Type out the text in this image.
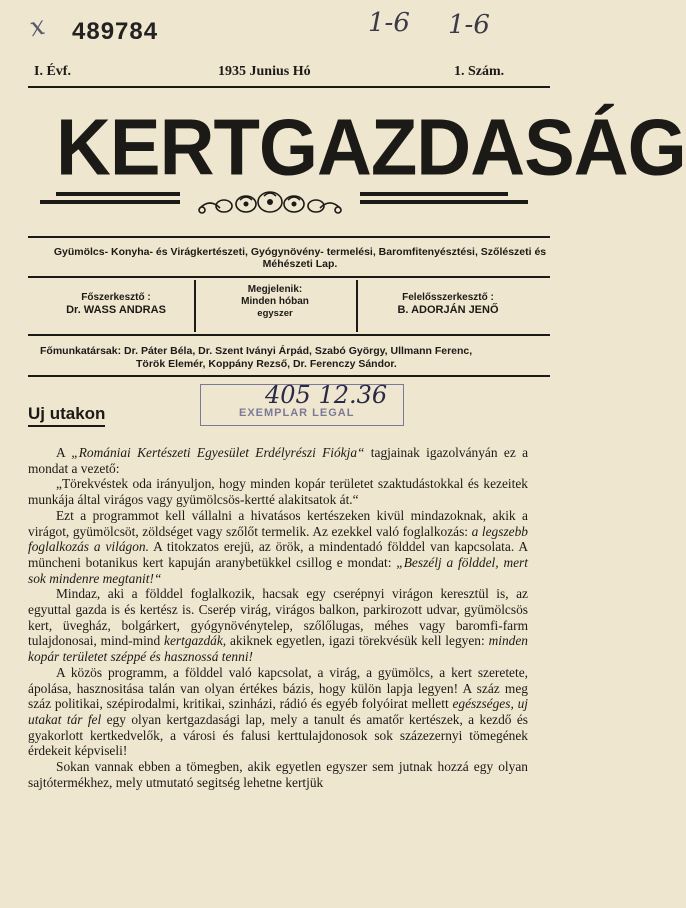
x 489784	1-6 1-6
I. Évf.	1935 Junius Hó	1. Szám.
KERTGAZDASÁG
Gyümölcs- Konyha- és Virágkertészeti, Gyógynövény- termelési, Baromfitenyésztési, Szőlészeti és Méhészeti Lap.
Főszerkesztő :
Dr. WASS ANDRAS
Megjelenik:
Minden hóban
egyszer
Felelősszerkesztő :
B. ADORJÁN JENŐ
Főmunkatársak: Dr. Páter Béla, Dr. Szent Iványi Árpád, Szabó György, Ullmann Ferenc,
Török Elemér, Koppány Rezső, Dr. Ferenczy Sándor.
405 12.36
EXEMPLAR LEGAL
Uj utakon

A „Romániai Kertészeti Egyesület Erdélyrészi Fiókja“ tagjainak igazolványán ez a mondat a vezető:

„Törekvéstek oda irányuljon, hogy minden kopár területet szaktudástokkal és kezeitek munkája által virágos vagy gyümölcsös-kertté alakitsatok át.“

Ezt a programmot kell vállalni a hivatásos kertészeken kivül mindazoknak, akik a virágot, gyümölcsöt, zöldséget vagy szőlőt termelik. Az ezekkel való foglalkozás: a legszebb foglalkozás a világon. A titokzatos erejü, az örök, a mindentadó földdel van kapcsolata. A müncheni botanikus kert kapuján aranybetükkel csillog e mondat: „Beszélj a földdel, mert sok mindenre megtanit!“

Mindaz, aki a földdel foglalkozik, hacsak egy cserépnyi virágon keresztül is, az egyuttal gazda is és kertész is. Cserép virág, virágos balkon, parkirozott udvar, gyümölcsös kert, üvegház, bolgárkert, gyógynövénytelep, szőlőlugas, méhes vagy baromfi-farm tulajdonosai, mind-mind kertgazdák, akiknek egyetlen, igazi törekvésük kell legyen: minden kopár területet széppé és hasznossá tenni!

A közös programm, a földdel való kapcsolat, a virág, a gyümölcs, a kert szeretete, ápolása, hasznositása talán van olyan értékes bázis, hogy külön lapja legyen! A száz meg száz politikai, szépirodalmi, kritikai, szinházi, rádió és egyéb folyóirat mellett egészséges, uj utakat tár fel egy olyan kertgazdasági lap, mely a tanult és amatőr kertészek, a kezdő és gyakorlott kertkedvelők, a városi és falusi kerttulajdonosok sok százezernyi tömegének érdekeit képviseli!

Sokan vannak ebben a tömegben, akik egyetlen egyszer sem jutnak hozzá egy olyan sajtótermékhez, mely utmutató segitség lehetne kertjük
